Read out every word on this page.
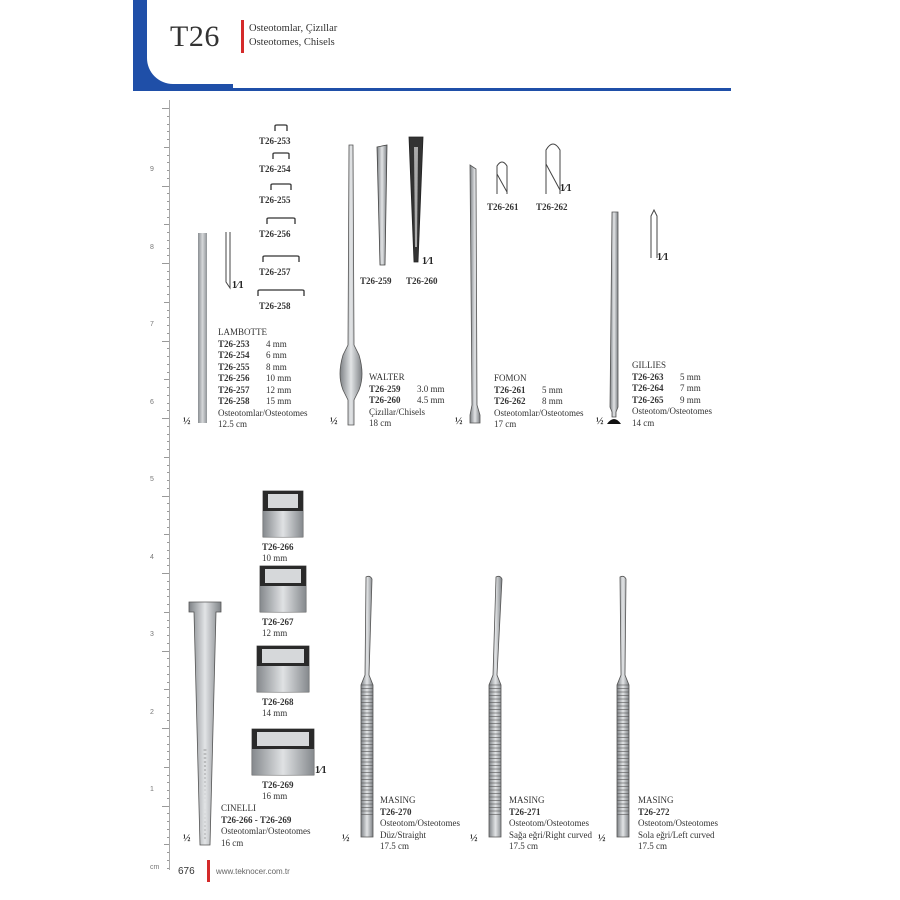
T26	Osteotomlar, Çizıllar
Osteotomes, Chisels
9
8
7
6
5
4
3
2
1
cm
1⁄1
T26-253
T26-254
T26-255
T26-256
T26-257
T26-258
LAMBOTTE
T26-253 4 mm
T26-254 6 mm
T26-255 8 mm
T26-256 10 mm
T26-257 12 mm
T26-258 15 mm
Osteotomlar/Osteotomes
12.5 cm
½
T26-259 T26-260
1⁄1
WALTER
T26-259 3.0 mm
T26-260 4.5 mm
Çizıllar/Chisels
18 cm
½
1⁄1
T26-261 T26-262
FOMON
T26-261 5 mm
T26-262 8 mm
Osteotomlar/Osteotomes
17 cm
½
1⁄1
GILLIES
T26-263 5 mm
T26-264 7 mm
T26-265 9 mm
Osteotom/Osteotomes
14 cm
½
T26-266
10 mm
T26-267
12 mm
T26-268
14 mm
T26-269
16 mm
1⁄1
CINELLI
T26-266 - T26-269
Osteotomlar/Osteotomes
16 cm
½
MASING
T26-270
Osteotom/Osteotomes
Düz/Straight
17.5 cm
½
MASING
T26-271
Osteotom/Osteotomes
Sağa eğri/Right curved
17.5 cm
½
MASING
T26-272
Osteotom/Osteotomes
Sola eğri/Left curved
17.5 cm
½
676	www.teknocer.com.tr
